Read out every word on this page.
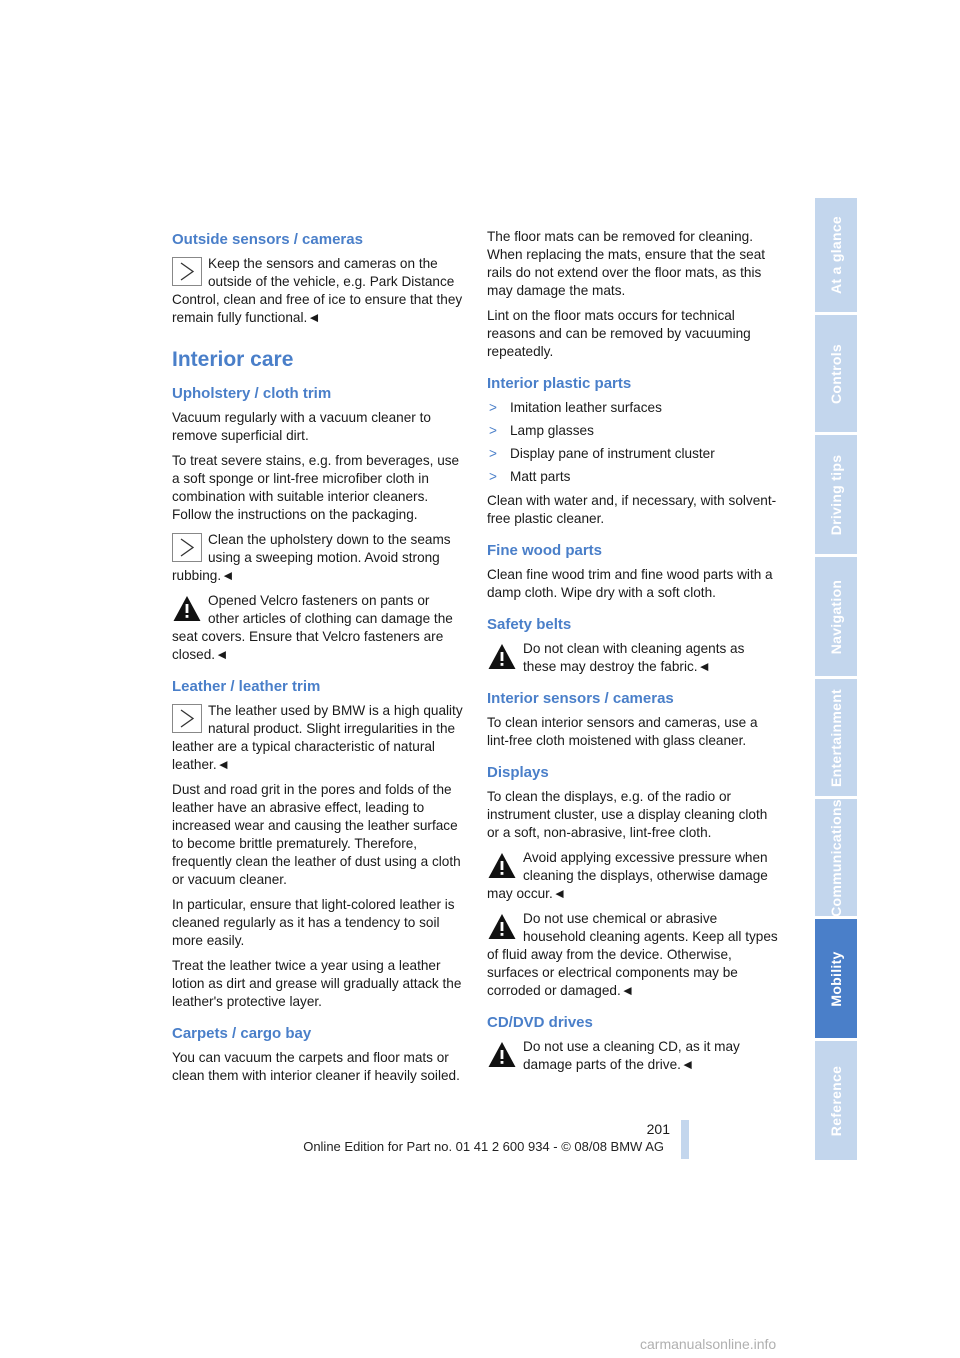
Outside sensors / cameras
Keep the sensors and cameras on the outside of the vehicle, e.g. Park Distance Control, clean and free of ice to ensure that they remain fully functional.◄
Interior care
Upholstery / cloth trim

Vacuum regularly with a vacuum cleaner to remove superficial dirt.

To treat severe stains, e.g. from beverages, use a soft sponge or lint-free microfiber cloth in combination with suitable interior cleaners. Follow the instructions on the packaging.

Clean the upholstery down to the seams using a sweeping motion. Avoid strong rubbing.◄
Opened Velcro fasteners on pants or other articles of clothing can damage the seat covers. Ensure that Velcro fasteners are closed.◄
Leather / leather trim
The leather used by BMW is a high quality natural product. Slight irregularities in the leather are a typical characteristic of natural leather.◄

Dust and road grit in the pores and folds of the leather have an abrasive effect, leading to increased wear and causing the leather surface to become brittle prematurely. Therefore, frequently clean the leather of dust using a cloth or vacuum cleaner.

In particular, ensure that light-colored leather is cleaned regularly as it has a tendency to soil more easily.

Treat the leather twice a year using a leather lotion as dirt and grease will gradually attack the leather's protective layer.

Carpets / cargo bay

You can vacuum the carpets and floor mats or clean them with interior cleaner if heavily soiled.

The floor mats can be removed for cleaning. When replacing the mats, ensure that the seat rails do not extend over the floor mats, as this may damage the mats.

Lint on the floor mats occurs for technical reasons and can be removed by vacuuming repeatedly.

Interior plastic parts
> Imitation leather surfaces
> Lamp glasses
> Display pane of instrument cluster
> Matt parts

Clean with water and, if necessary, with solvent-free plastic cleaner.

Fine wood parts

Clean fine wood trim and fine wood parts with a damp cloth. Wipe dry with a soft cloth.

Safety belts
Do not clean with cleaning agents as these may destroy the fabric.◄
Interior sensors / cameras

To clean interior sensors and cameras, use a lint-free cloth moistened with glass cleaner.

Displays

To clean the displays, e.g. of the radio or instrument cluster, use a display cleaning cloth or a soft, non-abrasive, lint-free cloth.

Avoid applying excessive pressure when cleaning the displays, otherwise damage may occur.◄
Do not use chemical or abrasive household cleaning agents. Keep all types of fluid away from the device. Otherwise, surfaces or electrical components may be corroded or damaged.◄
CD/DVD drives
Do not use a cleaning CD, as it may damage parts of the drive.◄
At a glance
Controls
Driving tips
Navigation
Entertainment
Communications
Mobility
Reference
201
Online Edition for Part no. 01 41 2 600 934 - © 08/08 BMW AG
carmanualsonline.info
